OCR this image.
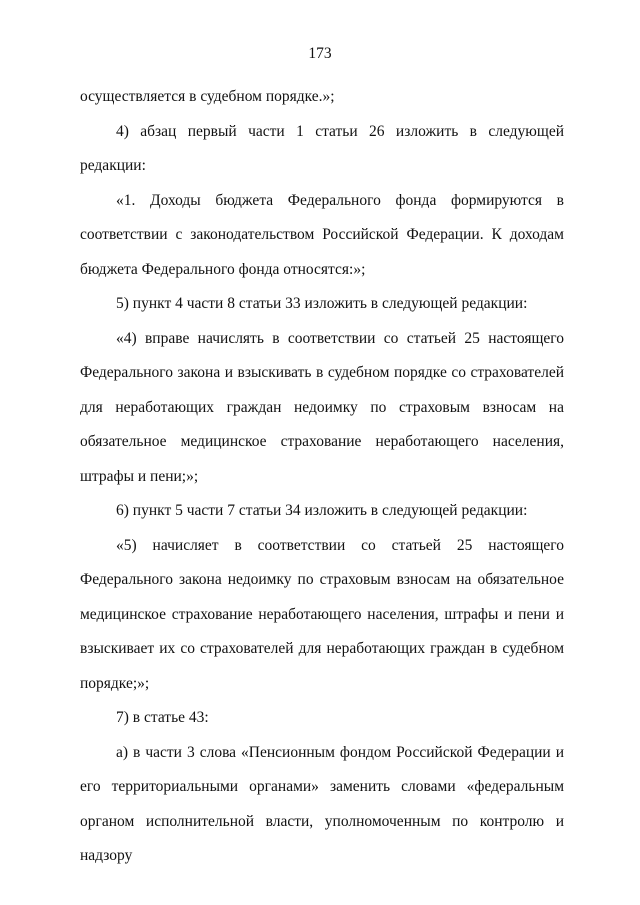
173

осуществляется в судебном порядке.»;

4) абзац первый части 1 статьи 26 изложить в следующей редакции:

«1. Доходы бюджета Федерального фонда формируются в соответствии с законодательством Российской Федерации. К доходам бюджета Федерального фонда относятся:»;

5) пункт 4 части 8 статьи 33 изложить в следующей редакции:

«4) вправе начислять в соответствии со статьей 25 настоящего Федерального закона и взыскивать в судебном порядке со страхователей для неработающих граждан недоимку по страховым взносам на обязательное медицинское страхование неработающего населения, штрафы и пени;»;

6) пункт 5 части 7 статьи 34 изложить в следующей редакции:

«5) начисляет в соответствии со статьей 25 настоящего Федерального закона недоимку по страховым взносам на обязательное медицинское страхование неработающего населения, штрафы и пени и взыскивает их со страхователей для неработающих граждан в судебном порядке;»;

7) в статье 43:

а) в части 3 слова «Пенсионным фондом Российской Федерации и его территориальными органами» заменить словами «федеральным органом исполнительной власти, уполномоченным по контролю и надзору
